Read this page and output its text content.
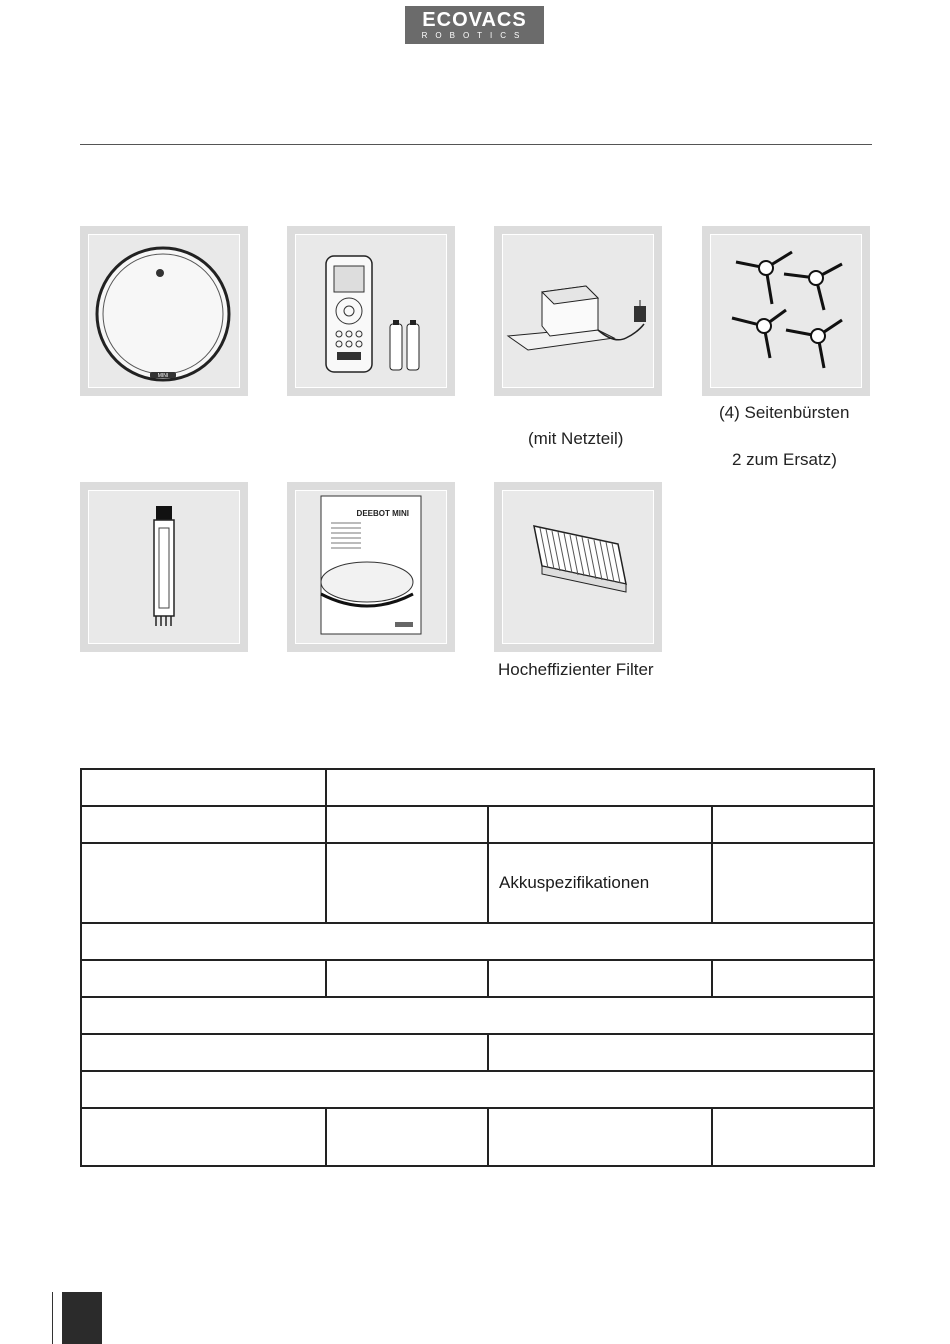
ECOVACS
ROBOTICS
MINI
(mit Netzteil)
(4) Seitenbürsten
2 zum Ersatz)
DEEBOT MINI
Hocheffizienter Filter

		Akkuspezifikationen	
